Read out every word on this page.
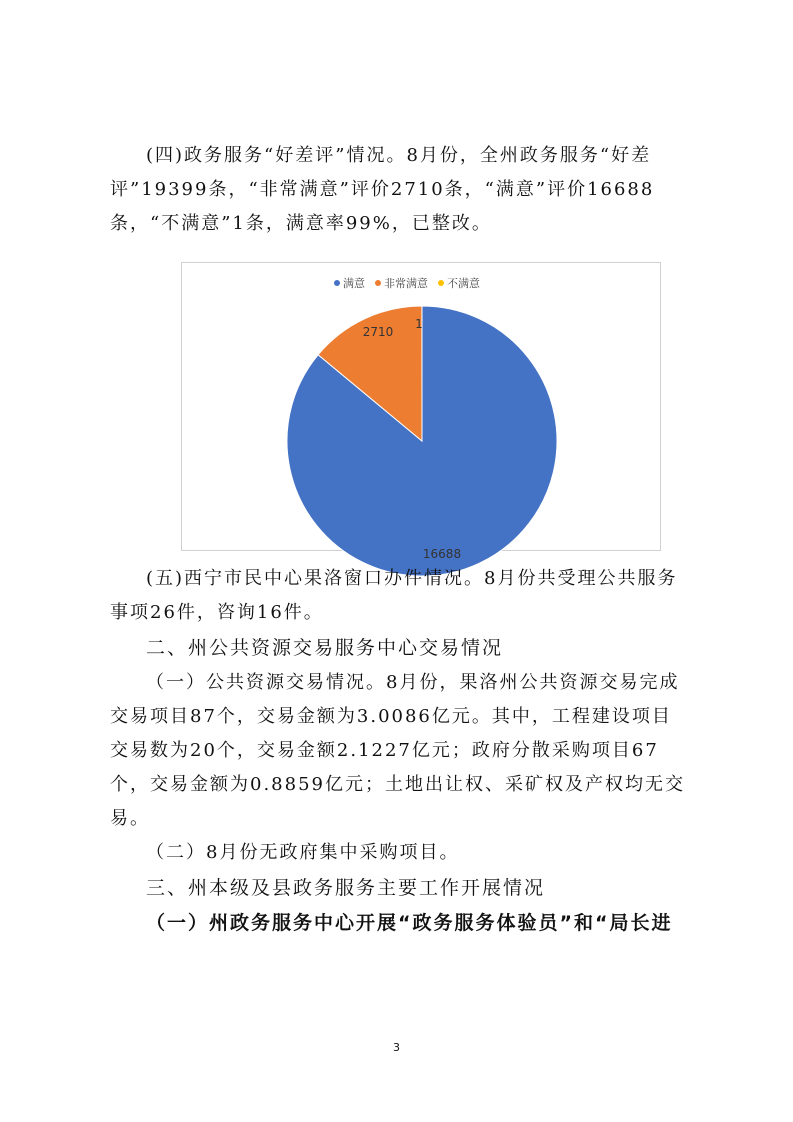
(四)政务服务“好差评”情况。8月份，全州政务服务“好差评”19399条，“非常满意”评价2710条，“满意”评价16688条，“不满意”1条，满意率99%，已整改。

满意 非常满意 不满意
16688
2710
1

(五)西宁市民中心果洛窗口办件情况。8月份共受理公共服务事项26件，咨询16件。

二、州公共资源交易服务中心交易情况

（一）公共资源交易情况。8月份，果洛州公共资源交易完成交易项目87个，交易金额为3.0086亿元。其中，工程建设项目交易数为20个，交易金额2.1227亿元；政府分散采购项目67个，交易金额为0.8859亿元；土地出让权、采矿权及产权均无交易。

（二）8月份无政府集中采购项目。

三、州本级及县政务服务主要工作开展情况

（一）州政务服务中心开展“政务服务体验员”和“局长进

3
